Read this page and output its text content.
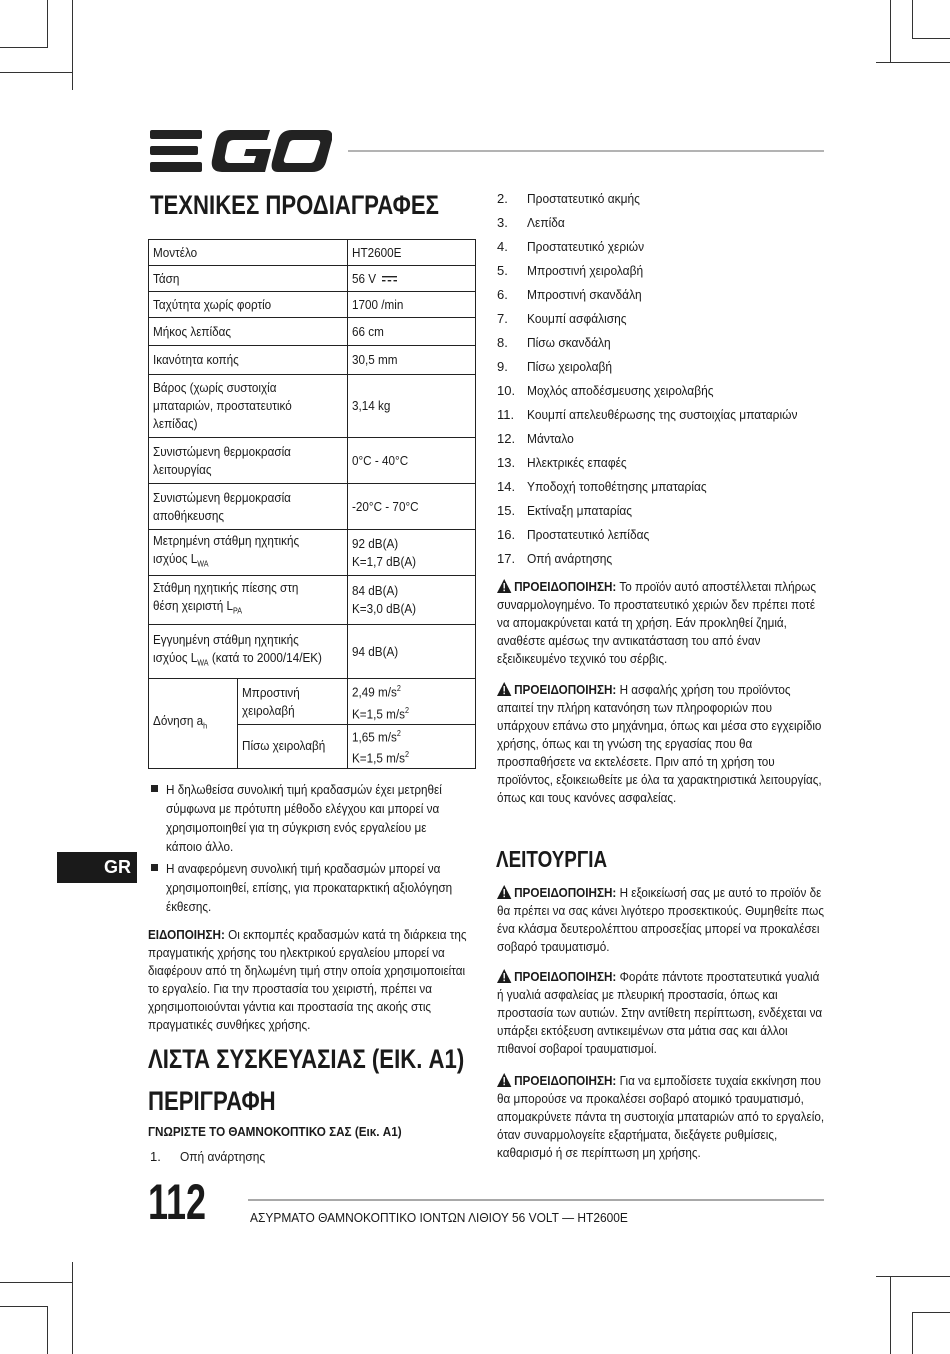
ΤΕΧΝΙΚΕΣ ΠΡΟΔΙΑΓΡΑΦΕΣ
Μοντέλο		HT2600E
Τάση		56 V
Ταχύτητα χωρίς φορτίο		1700 /min
Μήκος λεπίδας		66 cm
Ικανότητα κοπής		30,5 mm
Βάρος (χωρίς συστοιχία μπαταριών, προστατευτικό λεπίδας)		3,14 kg
Συνιστώμενη θερμοκρασία λειτουργίας		0°C - 40°C
Συνιστώμενη θερμοκρασία αποθήκευσης		-20°C - 70°C
Μετρημένη στάθμη ηχητικής ισχύος $L_{WA}$		92 dB(A)
K=1,7 dB(A)
Στάθμη ηχητικής πίεσης στη θέση χειριστή $L_{PA}$		84 dB(A)
K=3,0 dB(A)
Εγγυημένη στάθμη ηχητικής ισχύος $L_{WA}$ (κατά το 2000/14/ΕΚ)		94 dB(A)
Δόνηση $a_h$	Μπροστινή χειρολαβή	2,49 $m/s^2$
K=1,5 $m/s^2$
	Πίσω χειρολαβή	1,65 $m/s^2$
K=1,5 $m/s^2$
Η δηλωθείσα συνολική τιμή κραδασμών έχει μετρηθεί σύμφωνα με πρότυπη μέθοδο ελέγχου και μπορεί να χρησιμοποιηθεί για τη σύγκριση ενός εργαλείου με κάποιο άλλο.
Η αναφερόμενη συνολική τιμή κραδασμών μπορεί να χρησιμοποιηθεί, επίσης, για προκαταρκτική αξιολόγηση έκθεσης.
ΕΙΔΟΠΟΙΗΣΗ: Οι εκπομπές κραδασμών κατά τη διάρκεια της πραγματικής χρήσης του ηλεκτρικού εργαλείου μπορεί να διαφέρουν από τη δηλωμένη τιμή στην οποία χρησιμοποιείται το εργαλείο. Για την προστασία του χειριστή, πρέπει να χρησιμοποιούνται γάντια και προστασία της ακοής στις πραγματικές συνθήκες χρήσης.
ΛΙΣΤΑ ΣΥΣΚΕΥΑΣΙΑΣ (ΕΙΚ. A1)
ΠΕΡΙΓΡΑΦΗ
ΓΝΩΡΙΣΤΕ ΤΟ ΘΑΜΝΟΚΟΠΤΙΚΟ ΣΑΣ (Εικ. A1)
1. Οπή ανάρτησης
2. Προστατευτικό ακμής
3. Λεπίδα
4. Προστατευτικό χεριών
5. Μπροστινή χειρολαβή
6. Μπροστινή σκανδάλη
7. Κουμπί ασφάλισης
8. Πίσω σκανδάλη
9. Πίσω χειρολαβή
10. Μοχλός αποδέσμευσης χειρολαβής
11. Κουμπί απελευθέρωσης της συστοιχίας μπαταριών
12. Μάνταλο
13. Ηλεκτρικές επαφές
14. Υποδοχή τοποθέτησης μπαταρίας
15. Εκτίναξη μπαταρίας
16. Προστατευτικό λεπίδας
17. Οπή ανάρτησης
ΠΡΟΕΙΔΟΠΟΙΗΣΗ: Το προϊόν αυτό αποστέλλεται πλήρως συναρμολογημένο. Το προστατευτικό χεριών δεν πρέπει ποτέ να απομακρύνεται κατά τη χρήση. Εάν προκληθεί ζημιά, αναθέστε αμέσως την αντικατάσταση του από έναν εξειδικευμένο τεχνικό του σέρβις.
ΠΡΟΕΙΔΟΠΟΙΗΣΗ: Η ασφαλής χρήση του προϊόντος απαιτεί την πλήρη κατανόηση των πληροφοριών που υπάρχουν επάνω στο μηχάνημα, όπως και μέσα στο εγχειρίδιο χρήσης, όπως και τη γνώση της εργασίας που θα προσπαθήσετε να εκτελέσετε. Πριν από τη χρήση του προϊόντος, εξοικειωθείτε με όλα τα χαρακτηριστικά λειτουργίας, όπως και τους κανόνες ασφαλείας.
ΛΕΙΤΟΥΡΓΙΑ
ΠΡΟΕΙΔΟΠΟΙΗΣΗ: Η εξοικείωσή σας με αυτό το προϊόν δε θα πρέπει να σας κάνει λιγότερο προσεκτικούς. Θυμηθείτε πως ένα κλάσμα δευτερολέπτου απροσεξίας μπορεί να προκαλέσει σοβαρό τραυματισμό.
ΠΡΟΕΙΔΟΠΟΙΗΣΗ: Φοράτε πάντοτε προστατευτικά γυαλιά ή γυαλιά ασφαλείας με πλευρική προστασία, όπως και προστασία των αυτιών. Στην αντίθετη περίπτωση, ενδέχεται να υπάρξει εκτόξευση αντικειμένων στα μάτια σας και άλλοι πιθανοί σοβαροί τραυματισμοί.
ΠΡΟΕΙΔΟΠΟΙΗΣΗ: Για να εμποδίσετε τυχαία εκκίνηση που θα μπορούσε να προκαλέσει σοβαρό ατομικό τραυματισμό, απομακρύνετε πάντα τη συστοιχία μπαταριών από το εργαλείο, όταν συναρμολογείτε εξαρτήματα, διεξάγετε ρυθμίσεις, καθαρισμό ή σε περίπτωση μη χρήσης.
GR
112	ΑΣΥΡΜΑΤΟ ΘΑΜΝΟΚΟΠΤΙΚΟ ΙΟΝΤΩΝ ΛΙΘΙΟΥ 56 VOLT — HT2600E
